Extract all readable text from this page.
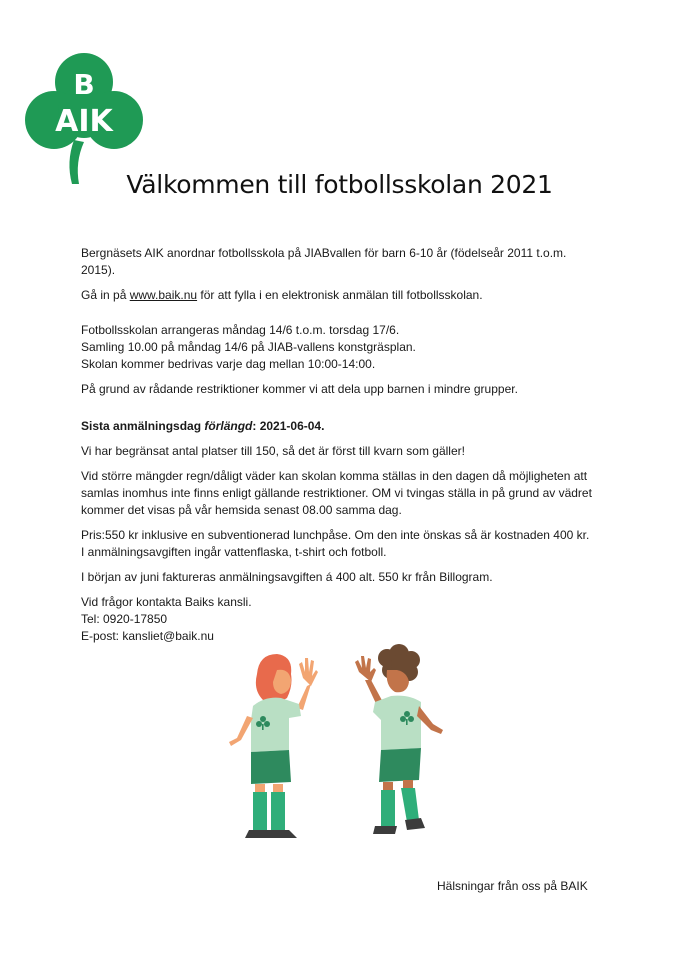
B
AIK
Välkommen till fotbollsskolan 2021

Bergnäsets AIK anordnar fotbollsskola på JIABvallen för barn 6-10 år (födelseår 2011 t.o.m. 2015).

Gå in på www.baik.nu för att fylla i en elektronisk anmälan till fotbollsskolan.

Fotbollsskolan arrangeras måndag 14/6 t.o.m. torsdag 17/6.
Samling 10.00 på måndag 14/6 på JIAB-vallens konstgräsplan.
Skolan kommer bedrivas varje dag mellan 10:00-14:00.

På grund av rådande restriktioner kommer vi att dela upp barnen i mindre grupper.

Sista anmälningsdag förlängd: 2021-06-04.

Vi har begränsat antal platser till 150, så det är först till kvarn som gäller!

Vid större mängder regn/dåligt väder kan skolan komma ställas in den dagen då möjligheten att
samlas inomhus inte finns enligt gällande restriktioner. OM vi tvingas ställa in på grund av vädret
kommer det visas på vår hemsida senast 08.00 samma dag.

Pris:550 kr inklusive en subventionerad lunchpåse. Om den inte önskas så är kostnaden 400 kr.
I anmälningsavgiften ingår vattenflaska, t-shirt och fotboll.

I början av juni faktureras anmälningsavgiften á 400 alt. 550 kr från Billogram.

Vid frågor kontakta Baiks kansli.
Tel: 0920-17850
E-post: kansliet@baik.nu

Hälsningar från oss på BAIK
